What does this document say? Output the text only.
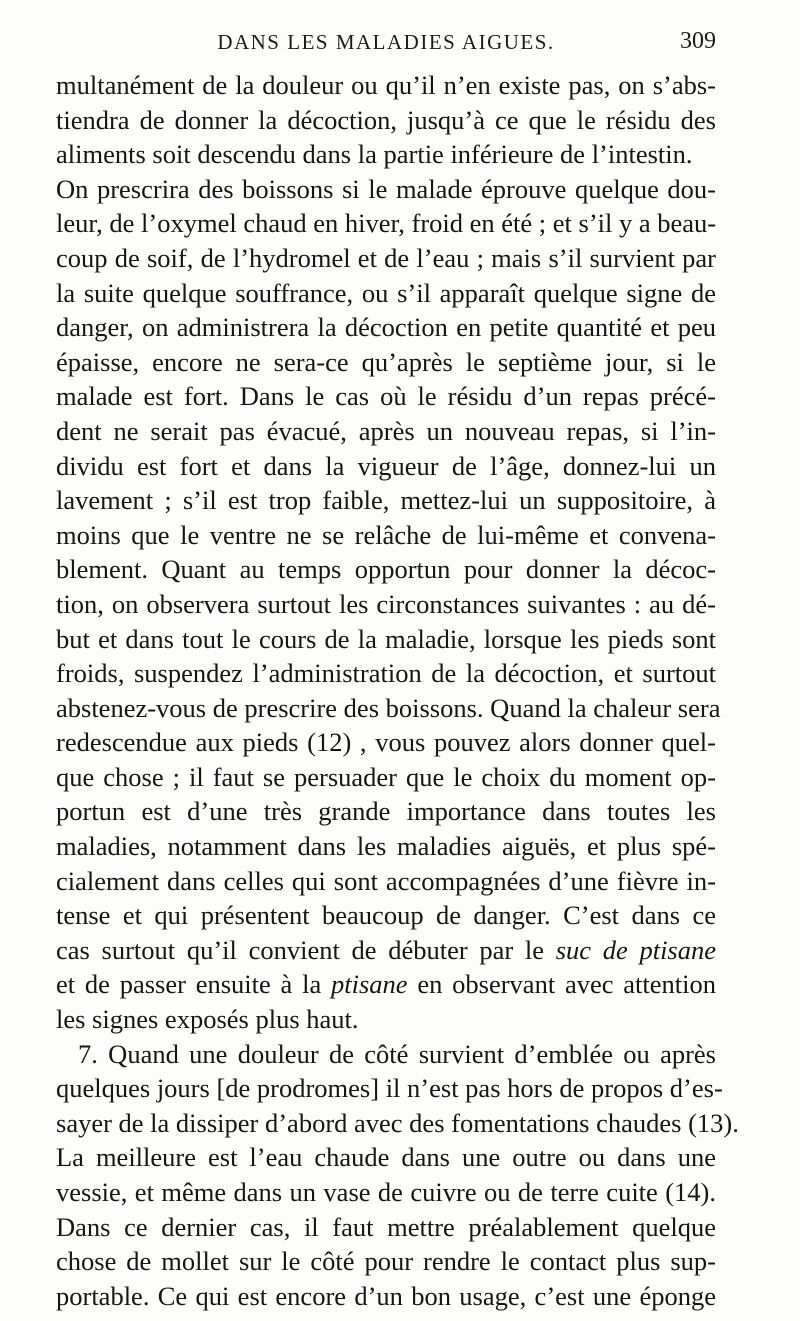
DANS LES MALADIES AIGUES.	309
multanément de la douleur ou qu’il n’en existe pas, on s’abs-
tiendra de donner la décoction, jusqu’à ce que le résidu des
aliments soit descendu dans la partie inférieure de l’intestin.
On prescrira des boissons si le malade éprouve quelque dou-
leur, de l’oxymel chaud en hiver, froid en été ; et s’il y a beau-
coup de soif, de l’hydromel et de l’eau ; mais s’il survient par
la suite quelque souffrance, ou s’il apparaît quelque signe de
danger, on administrera la décoction en petite quantité et peu
épaisse, encore ne sera-ce qu’après le septième jour, si le
malade est fort. Dans le cas où le résidu d’un repas précé-
dent ne serait pas évacué, après un nouveau repas, si l’in-
dividu est fort et dans la vigueur de l’âge, donnez-lui un
lavement ; s’il est trop faible, mettez-lui un suppositoire, à
moins que le ventre ne se relâche de lui-même et convena-
blement. Quant au temps opportun pour donner la décoc-
tion, on observera surtout les circonstances suivantes : au dé-
but et dans tout le cours de la maladie, lorsque les pieds sont
froids, suspendez l’administration de la décoction, et surtout
abstenez-vous de prescrire des boissons. Quand la chaleur sera
redescendue aux pieds (12) , vous pouvez alors donner quel-
que chose ; il faut se persuader que le choix du moment op-
portun est d’une très grande importance dans toutes les
maladies, notamment dans les maladies aiguës, et plus spé-
cialement dans celles qui sont accompagnées d’une fièvre in-
tense et qui présentent beaucoup de danger. C’est dans ce
cas surtout qu’il convient de débuter par le suc de ptisane
et de passer ensuite à la ptisane en observant avec attention
les signes exposés plus haut.
7. Quand une douleur de côté survient d’emblée ou après
quelques jours [de prodromes] il n’est pas hors de propos d’es-
sayer de la dissiper d’abord avec des fomentations chaudes (13).
La meilleure est l’eau chaude dans une outre ou dans une
vessie, et même dans un vase de cuivre ou de terre cuite (14).
Dans ce dernier cas, il faut mettre préalablement quelque
chose de mollet sur le côté pour rendre le contact plus sup-
portable. Ce qui est encore d’un bon usage, c’est une éponge
